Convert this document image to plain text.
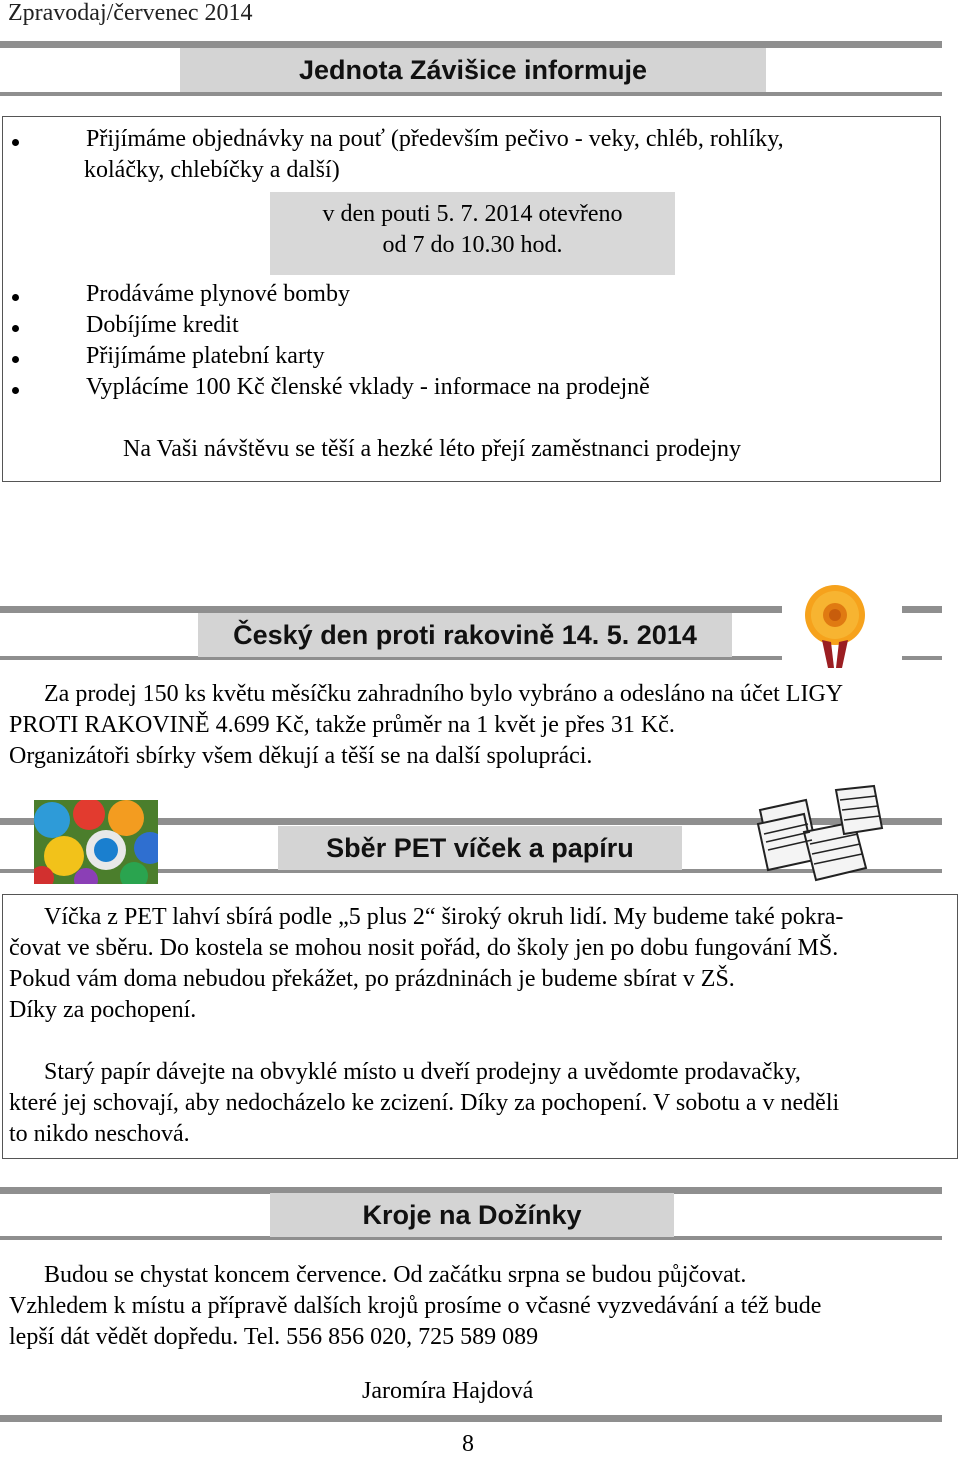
Zpravodaj/červenec 2014
Jednota Závišice informuje
Přijímáme objednávky na pouť (především pečivo - veky, chléb, rohlíky,
koláčky, chlebíčky a další)
v den pouti 5. 7. 2014 otevřeno
od 7 do 10.30 hod.
Prodáváme plynové bomby
Dobíjíme kredit
Přijímáme platební karty
Vyplácíme 100 Kč členské vklady - informace na prodejně
Na Vaši návštěvu se těší a hezké léto přejí zaměstnanci prodejny
Český den proti rakovině 14. 5. 2014
Za prodej 150 ks květu měsíčku zahradního bylo vybráno a odesláno na účet LIGY
PROTI RAKOVINĚ 4.699 Kč, takže průměr na 1 květ je přes 31 Kč.
Organizátoři sbírky všem děkují a těší se na další spolupráci.
Sběr PET víček a papíru
Víčka z PET lahví sbírá podle „5 plus 2“ široký okruh lidí. My budeme také pokra-
čovat ve sběru. Do kostela se mohou nosit pořád, do školy jen po dobu fungování MŠ.
Pokud vám doma nebudou překážet, po prázdninách je budeme sbírat v ZŠ.
Díky za pochopení.
Starý papír dávejte na obvyklé místo u dveří prodejny a uvědomte prodavačky,
které jej schovají, aby nedocházelo ke zcizení. Díky za pochopení. V sobotu a v neděli
to nikdo neschová.
Kroje na Dožínky
Budou se chystat koncem července. Od začátku srpna se budou půjčovat.
Vzhledem k místu a přípravě dalších krojů prosíme o včasné vyzvedávání a též bude
lepší dát vědět dopředu. Tel. 556 856 020, 725 589 089
Jaromíra Hajdová
8
